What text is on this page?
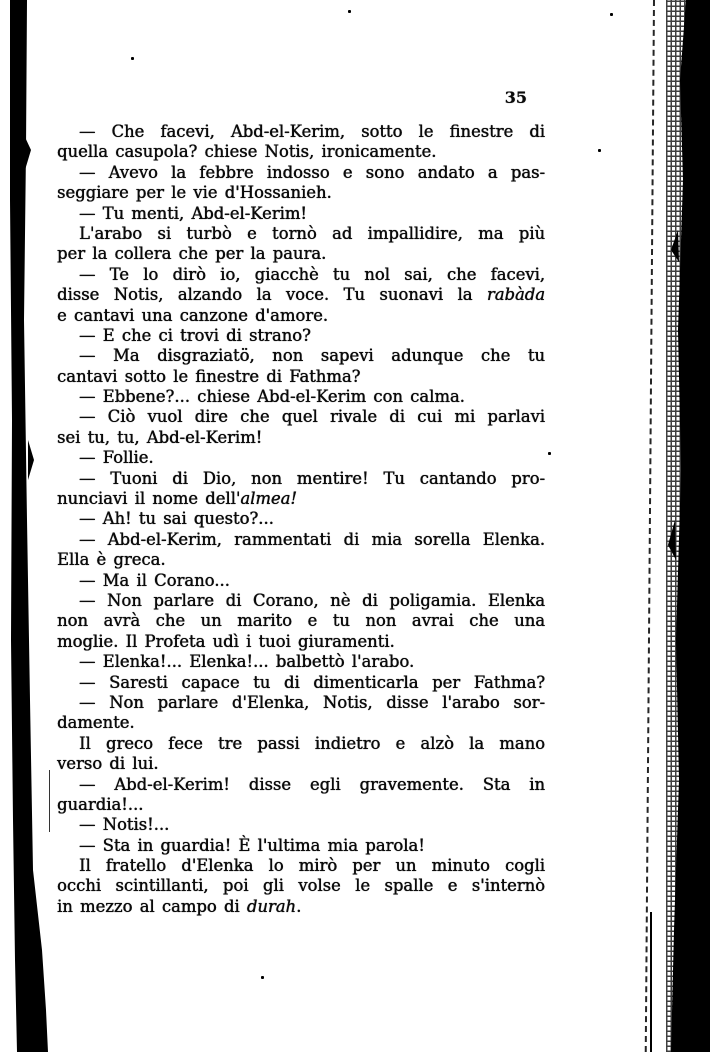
35
— Che facevi, Abd-el-Kerim, sotto le finestre di
quella casupola? chiese Notis, ironicamente.
— Avevo la febbre indosso e sono andato a pas-
seggiare per le vie d'Hossanieh.
— Tu menti, Abd-el-Kerim!
L'arabo si turbò e tornò ad impallidire, ma più
per la collera che per la paura.
— Te lo dirò io, giacchè tu nol sai, che facevi,
disse Notis, alzando la voce. Tu suonavi la rabàda
e cantavi una canzone d'amore.
— E che ci trovi di strano?
— Ma disgraziatö, non sapevi adunque che tu
cantavi sotto le finestre di Fathma?
— Ebbene?... chiese Abd-el-Kerim con calma.
— Ciò vuol dire che quel rivale di cui mi parlavi
sei tu, tu, Abd-el-Kerim!
— Follie.
— Tuoni di Dio, non mentire! Tu cantando pro-
nunciavi il nome dell'almea!
— Ah! tu sai questo?...
— Abd-el-Kerim, rammentati di mia sorella Elenka.
Ella è greca.
— Ma il Corano...
— Non parlare di Corano, nè di poligamia. Elenka
non avrà che un marito e tu non avrai che una
moglie. Il Profeta udì i tuoi giuramenti.
— Elenka!... Elenka!... balbettò l'arabo.
— Saresti capace tu di dimenticarla per Fathma?
— Non parlare d'Elenka, Notis, disse l'arabo sor-
damente.
Il greco fece tre passi indietro e alzò la mano
verso di lui.
— Abd-el-Kerim! disse egli gravemente. Sta in
guardia!...
— Notis!...
— Sta in guardia! È l'ultima mia parola!
Il fratello d'Elenka lo mirò per un minuto cogli
occhi scintillanti, poi gli volse le spalle e s'internò
in mezzo al campo di durah.
